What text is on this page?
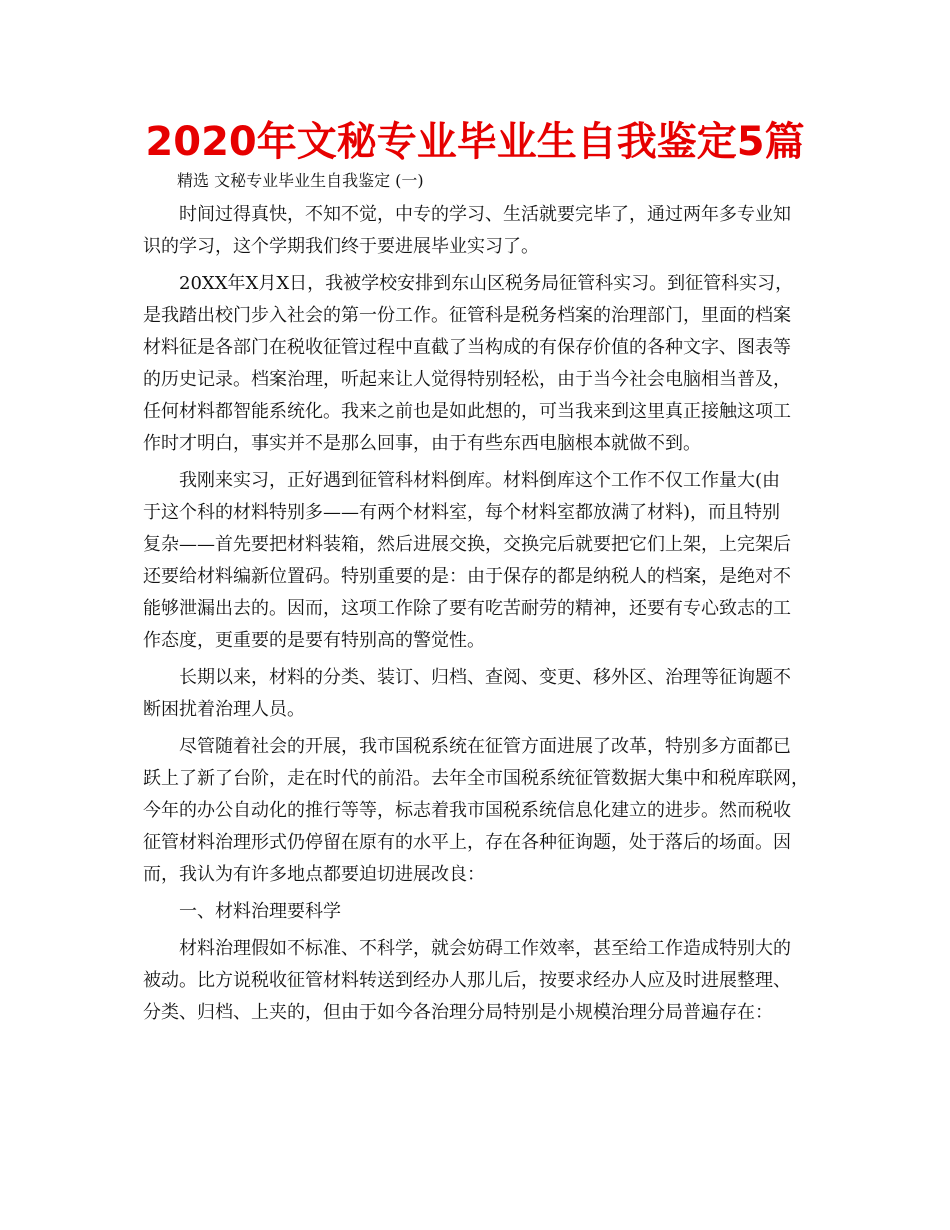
2020年文秘专业毕业生自我鉴定5篇
精选 文秘专业毕业生自我鉴定 (一)
时间过得真快，不知不觉，中专的学习、生活就要完毕了，通过两年多专业知
识的学习，这个学期我们终于要进展毕业实习了。
20XX年X月X日，我被学校安排到东山区税务局征管科实习。到征管科实习，
是我踏出校门步入社会的第一份工作。征管科是税务档案的治理部门，里面的档案
材料征是各部门在税收征管过程中直截了当构成的有保存价值的各种文字、图表等
的历史记录。档案治理，听起来让人觉得特别轻松，由于当今社会电脑相当普及，
任何材料都智能系统化。我来之前也是如此想的，可当我来到这里真正接触这项工
作时才明白，事实并不是那么回事，由于有些东西电脑根本就做不到。
我刚来实习，正好遇到征管科材料倒库。材料倒库这个工作不仅工作量大(由
于这个科的材料特别多——有两个材料室，每个材料室都放满了材料)，而且特别
复杂——首先要把材料装箱，然后进展交换，交换完后就要把它们上架，上完架后
还要给材料编新位置码。特别重要的是：由于保存的都是纳税人的档案，是绝对不
能够泄漏出去的。因而，这项工作除了要有吃苦耐劳的精神，还要有专心致志的工
作态度，更重要的是要有特别高的警觉性。
长期以来，材料的分类、装订、归档、查阅、变更、移外区、治理等征询题不
断困扰着治理人员。
尽管随着社会的开展，我市国税系统在征管方面进展了改革，特别多方面都已
跃上了新了台阶，走在时代的前沿。去年全市国税系统征管数据大集中和税库联网，
今年的办公自动化的推行等等，标志着我市国税系统信息化建立的进步。然而税收
征管材料治理形式仍停留在原有的水平上，存在各种征询题，处于落后的场面。因
而，我认为有许多地点都要迫切进展改良：
一、材料治理要科学
材料治理假如不标准、不科学，就会妨碍工作效率，甚至给工作造成特别大的
被动。比方说税收征管材料转送到经办人那儿后，按要求经办人应及时进展整理、
分类、归档、上夹的，但由于如今各治理分局特别是小规模治理分局普遍存在：
